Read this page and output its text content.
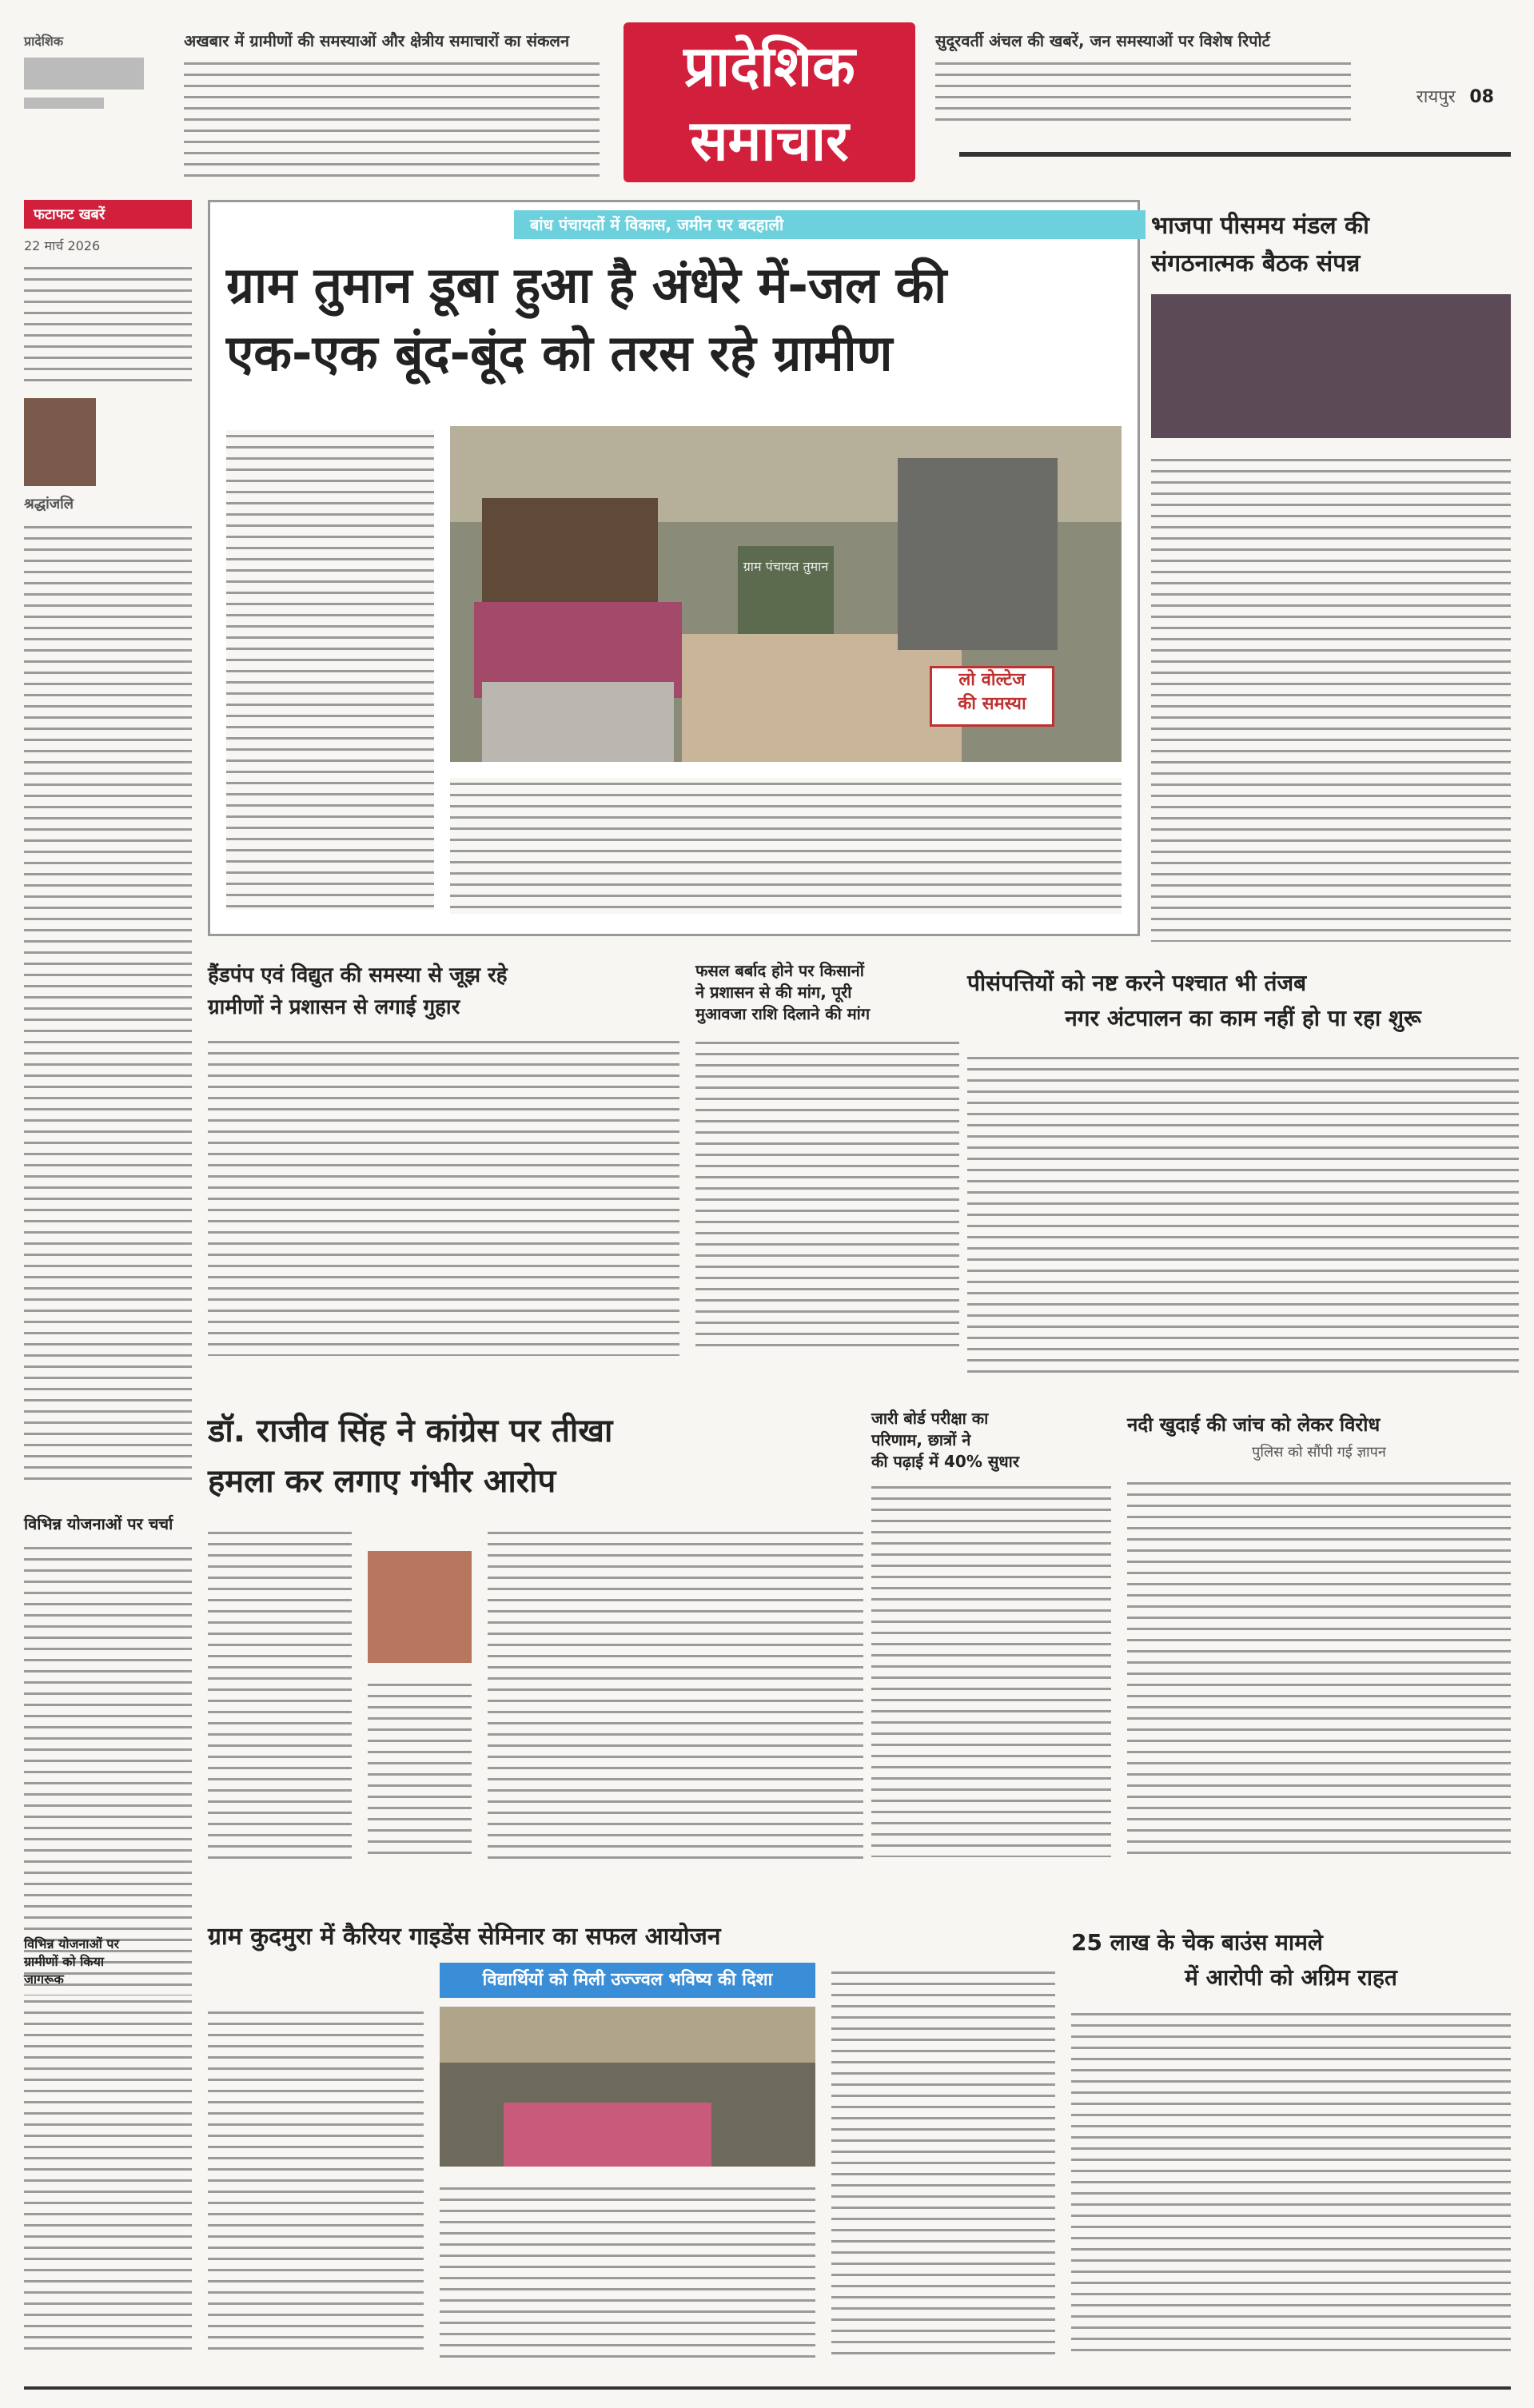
प्रादेशिक	अखबार में ग्रामीणों की समस्याओं और क्षेत्रीय समाचारों का संकलन	प्रादेशिक
समाचार
सुदूरवर्ती अंचल की खबरें, जन समस्याओं पर विशेष रिपोर्ट
रायपुर 08
फटाफट खबरें
22 मार्च 2026
श्रद्धांजलि
विभिन्न योजनाओं पर चर्चा
बांध पंचायतों में विकास, जमीन पर बदहाली
ग्राम तुमान डूबा हुआ है अंधेरे में-जल की
एक-एक बूंद-बूंद को तरस रहे ग्रामीण
ग्राम पंचायत तुमान
लो वोल्टेज
की समस्या
भाजपा पीसमय मंडल की
संगठनात्मक बैठक संपन्न
हैंडपंप एवं विद्युत की समस्या से जूझ रहे
ग्रामीणों ने प्रशासन से लगाई गुहार
फसल बर्बाद होने पर किसानों
ने प्रशासन से की मांग, पूरी
मुआवजा राशि दिलाने की मांग
पीसंपत्तियों को नष्ट करने पश्चात भी तंजब
नगर अंटपालन का काम नहीं हो पा रहा शुरू
डॉ. राजीव सिंह ने कांग्रेस पर तीखा
हमला कर लगाए गंभीर आरोप
जारी बोर्ड परीक्षा का
परिणाम, छात्रों ने
की पढ़ाई में 40% सुधार
नदी खुदाई की जांच को लेकर विरोध
पुलिस को सौंपी गई ज्ञापन
ग्राम कुदमुरा में कैरियर गाइडेंस सेमिनार का सफल आयोजन
विद्यार्थियों को मिली उज्ज्वल भविष्य की दिशा
25 लाख के चेक बाउंस मामले
में आरोपी को अग्रिम राहत
विभिन्न योजनाओं पर
ग्रामीणों को किया
जागरूक
